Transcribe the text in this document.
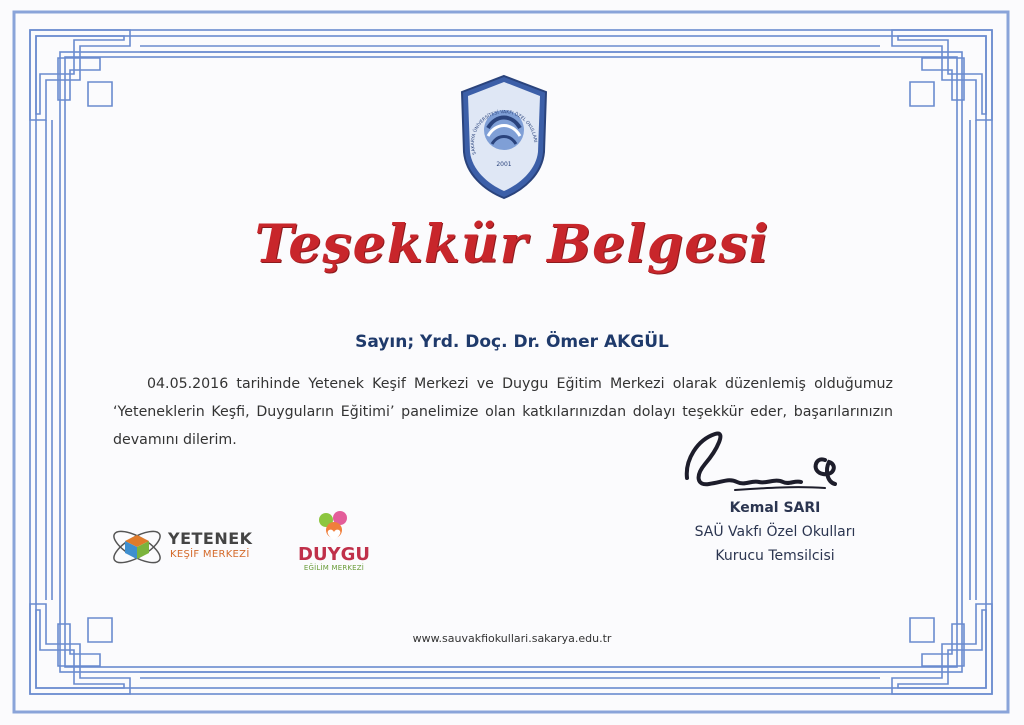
SAKARYA ÜNİVERSİTESİ VAKFI ÖZEL OKULLARI
2001
Teşekkür Belgesi
Sayın; Yrd. Doç. Dr. Ömer AKGÜL
04.05.2016 tarihinde Yetenek Keşif Merkezi ve Duygu Eğitim Merkezi olarak düzenlemiş olduğumuz ‘Yeteneklerin Keşfi, Duyguların Eğitimi’ panelimize olan katkılarınızdan dolayı teşekkür eder, başarılarınızın devamını dilerim.
Kemal SARI
SAÜ Vakfı Özel Okulları
Kurucu Temsilcisi
YETENEK
KEŞİF MERKEZİ	DUYGU
EĞİLİM MERKEZİ
www.sauvakfiokullari.sakarya.edu.tr
